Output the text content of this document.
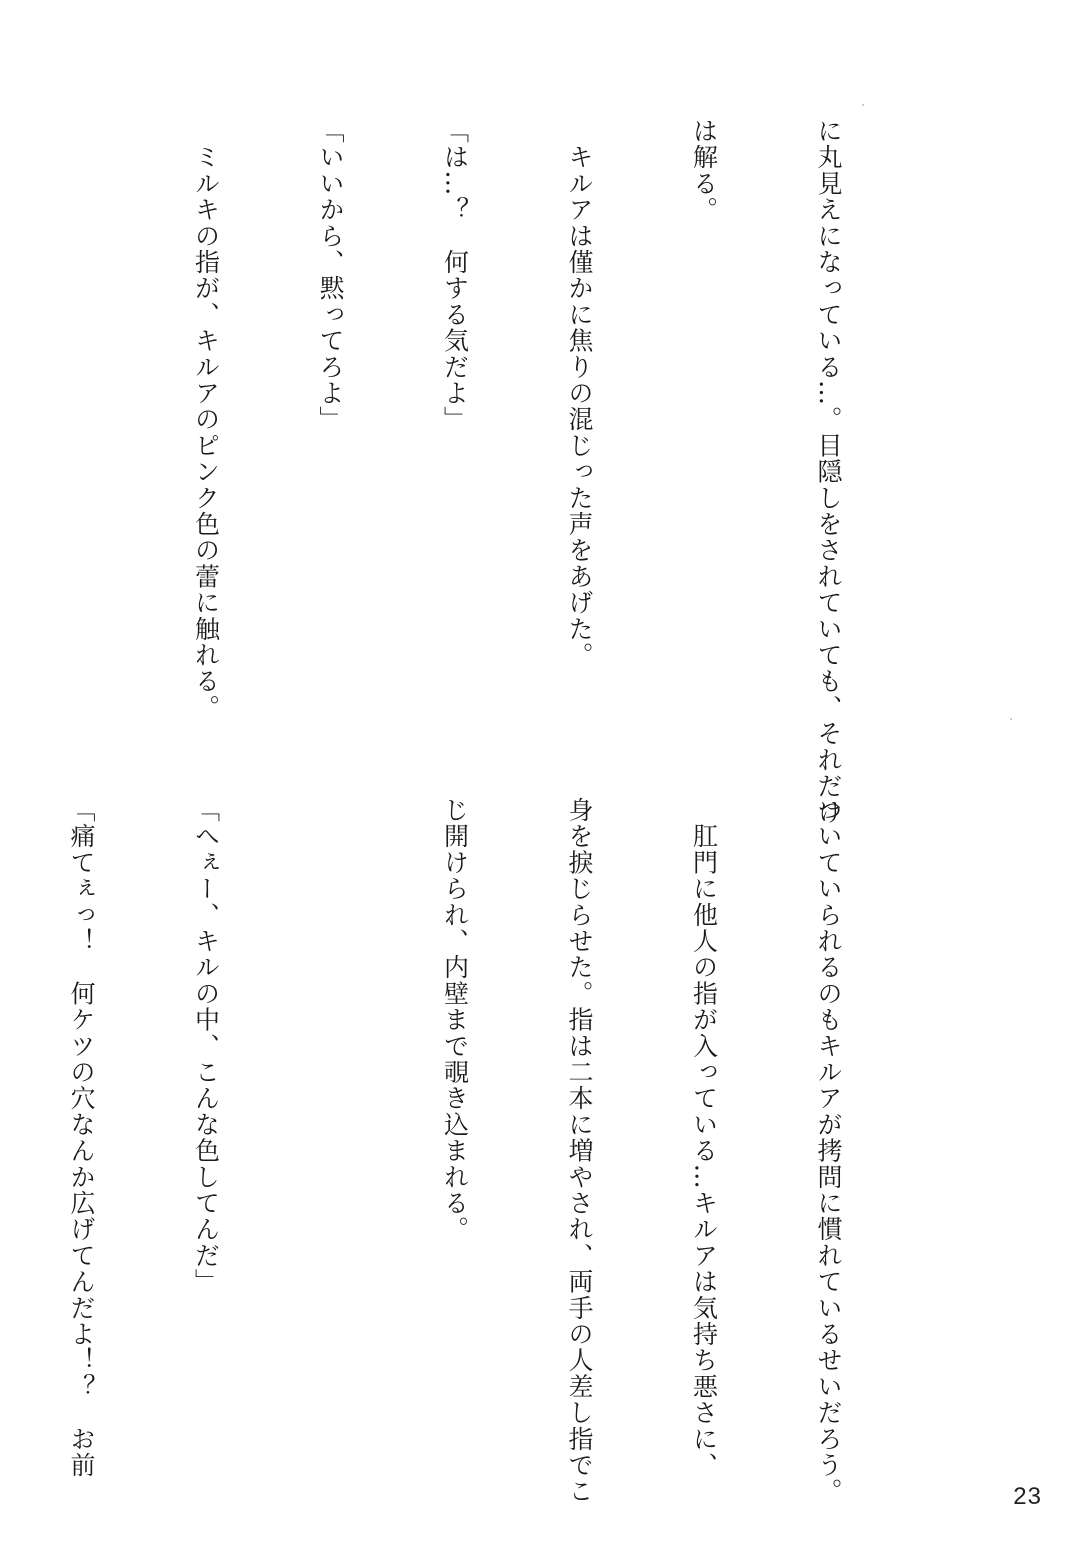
に丸見えになっている…。目隠しをされていても、それだけ

は解る。

　キルアは僅かに焦りの混じった声をあげた。

「は…？　何する気だよ」

「いいから、黙ってろよ」

　ミルキの指が、キルアのピンク色の蕾に触れる。

ついていられるのもキルアが拷問に慣れているせいだろう。

　肛門に他人の指が入っている…キルアは気持ち悪さに、

身を捩じらせた。指は二本に増やされ、両手の人差し指でこ

じ開けられ、内壁まで覗き込まれる。

「へぇー、キルの中、こんな色してんだ」

「痛てぇっ！　何ケツの穴なんか広げてんだよ！？　お前

23
